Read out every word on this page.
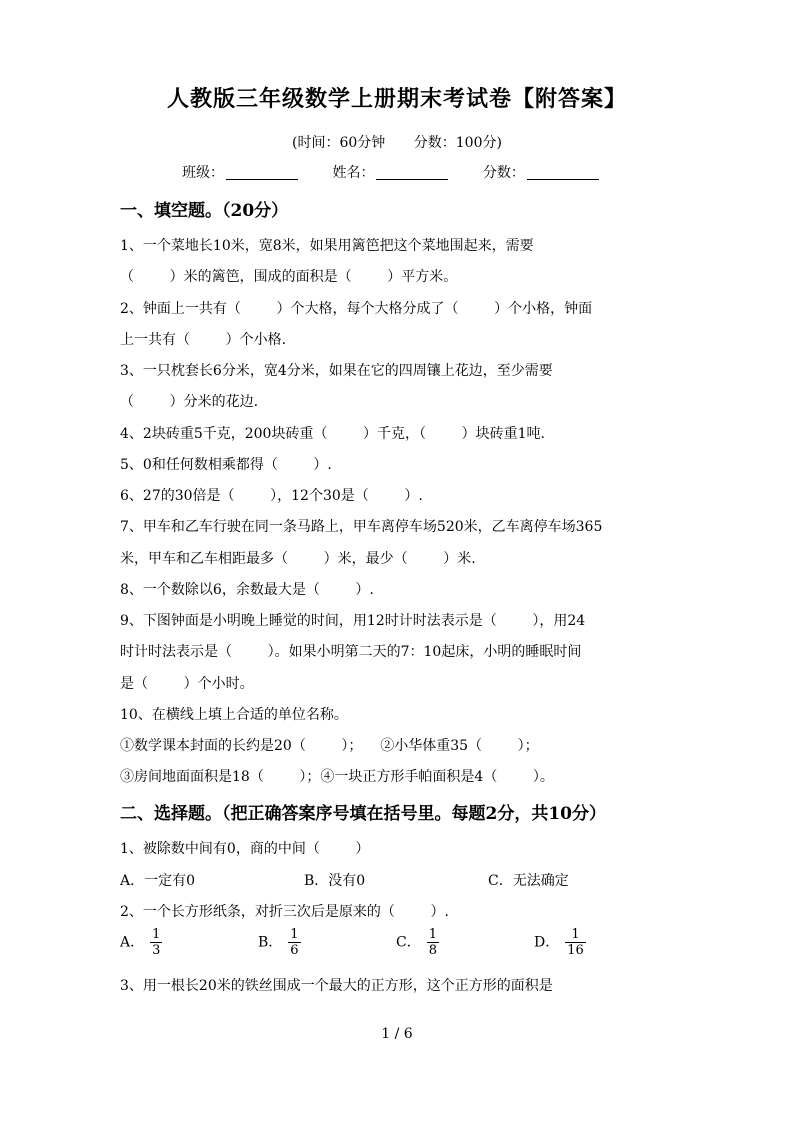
人教版三年级数学上册期末考试卷【附答案】
(时间：60分钟 分数：100分)
班级：	姓名：	分数：
一、填空题。（20分）
1、一个菜地长10米，宽8米，如果用篱笆把这个菜地围起来，需要
（        ）米的篱笆，围成的面积是（        ）平方米。
2、钟面上一共有（        ）个大格，每个大格分成了（        ）个小格，钟面
上一共有（        ）个小格.
3、一只枕套长6分米，宽4分米，如果在它的四周镶上花边，至少需要
（        ）分米的花边.
4、2块砖重5千克，200块砖重（        ）千克，（        ）块砖重1吨.
5、0和任何数相乘都得（        ）.
6、27的30倍是（        ），12个30是（        ）.
7、甲车和乙车行驶在同一条马路上，甲车离停车场520米，乙车离停车场365
米，甲车和乙车相距最多（        ）米，最少（        ）米.
8、一个数除以6，余数最大是（        ）.
9、下图钟面是小明晚上睡觉的时间，用12时计时法表示是（        ），用24
时计时法表示是（        ）。如果小明第二天的7：10起床，小明的睡眠时间
是（        ）个小时。
10、在横线上填上合适的单位名称。
①数学课本封面的长约是20（        ）；    ②小华体重35（        ）；
③房间地面面积是18（        ）；④一块正方形手帕面积是4（        ）。
二、选择题。（把正确答案序号填在括号里。每题2分，共10分）
1、被除数中间有0，商的中间（        ）
A．一定有0	B．没有0	C．无法确定
2、一个长方形纸条，对折三次后是原来的（        ）.
A． $\frac{1}{3}$	B． $\frac{1}{6}$	C． $\frac{1}{8}$	D． $\frac{1}{16}$
3、用一根长20米的铁丝围成一个最大的正方形，这个正方形的面积是
1 / 6
